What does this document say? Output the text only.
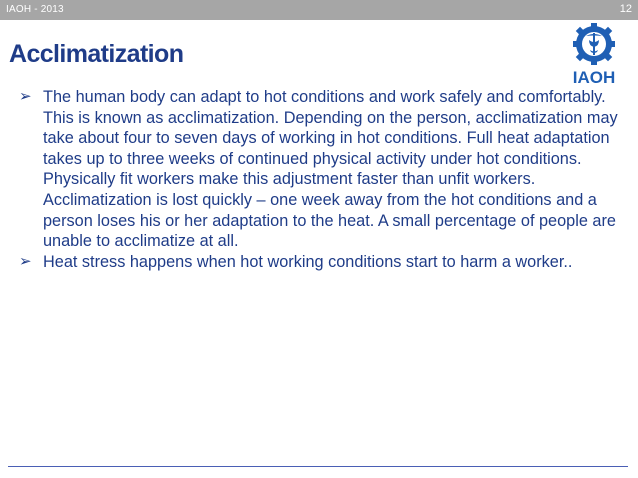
IAOH - 2013	12
Acclimatization
IAOH
➢ The human body can adapt to hot conditions and work safely and comfortably. This is known as acclimatization. Depending on the person, acclimatization may take about four to seven days of working in hot conditions. Full heat adaptation takes up to three weeks of continued physical activity under hot conditions. Physically fit workers make this adjustment faster than unfit workers. Acclimatization is lost quickly – one week away from the hot conditions and a person loses his or her adaptation to the heat. A small percentage of people are unable to acclimatize at all.
➢ Heat stress happens when hot working conditions start to harm a worker..
